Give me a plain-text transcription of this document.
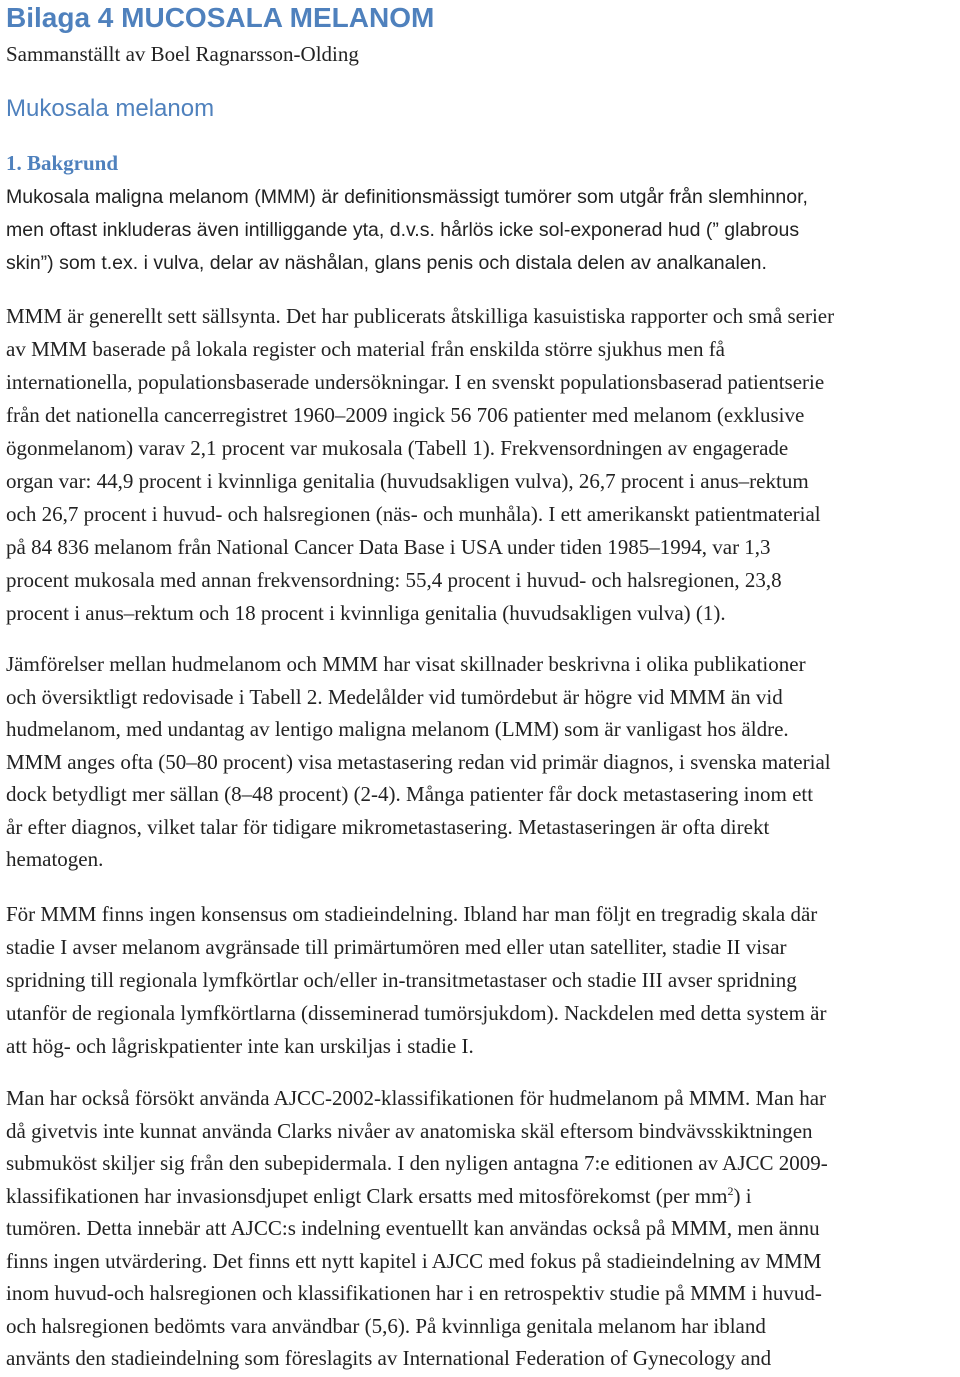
Bilaga 4 MUCOSALA MELANOM

Sammanställt av Boel Ragnarsson-Olding

Mukosala melanom
1. Bakgrund
Mukosala maligna melanom (MMM) är definitionsmässigt tumörer som utgår från slemhinnor,
men oftast inkluderas även intilliggande yta, d.v.s. hårlös icke sol-exponerad hud (” glabrous
skin”) som t.ex. i vulva, delar av näshålan, glans penis och distala delen av analkanalen.
MMM är generellt sett sällsynta. Det har publicerats åtskilliga kasuistiska rapporter och små serier
av MMM baserade på lokala register och material från enskilda större sjukhus men få
internationella, populationsbaserade undersökningar. I en svenskt populationsbaserad patientserie
från det nationella cancerregistret 1960–2009 ingick 56 706 patienter med melanom (exklusive
ögonmelanom) varav 2,1 procent var mukosala (Tabell 1). Frekvensordningen av engagerade
organ var: 44,9 procent i kvinnliga genitalia (huvudsakligen vulva), 26,7 procent i anus–rektum
och 26,7 procent i huvud- och halsregionen (näs- och munhåla). I ett amerikanskt patientmaterial
på 84 836 melanom från National Cancer Data Base i USA under tiden 1985–1994, var 1,3
procent mukosala med annan frekvensordning: 55,4 procent i huvud- och halsregionen, 23,8
procent i anus–rektum och 18 procent i kvinnliga genitalia (huvudsakligen vulva) (1).
Jämförelser mellan hudmelanom och MMM har visat skillnader beskrivna i olika publikationer
och översiktligt redovisade i Tabell 2. Medelålder vid tumördebut är högre vid MMM än vid
hudmelanom, med undantag av lentigo maligna melanom (LMM) som är vanligast hos äldre.
MMM anges ofta (50–80 procent) visa metastasering redan vid primär diagnos, i svenska material
dock betydligt mer sällan (8–48 procent) (2-4). Många patienter får dock metastasering inom ett
år efter diagnos, vilket talar för tidigare mikrometastasering. Metastaseringen är ofta direkt
hematogen.
För MMM finns ingen konsensus om stadieindelning. Ibland har man följt en tregradig skala där
stadie I avser melanom avgränsade till primärtumören med eller utan satelliter, stadie II visar
spridning till regionala lymfkörtlar och/eller in-transitmetastaser och stadie III avser spridning
utanför de regionala lymfkörtlarna (disseminerad tumörsjukdom). Nackdelen med detta system är
att hög- och lågriskpatienter inte kan urskiljas i stadie I.
Man har också försökt använda AJCC-2002-klassifikationen för hudmelanom på MMM. Man har
då givetvis inte kunnat använda Clarks nivåer av anatomiska skäl eftersom bindvävsskiktningen
submuköst skiljer sig från den subepidermala. I den nyligen antagna 7:e editionen av AJCC 2009-
klassifikationen har invasionsdjupet enligt Clark ersatts med mitosförekomst (per $mm^2$) i
tumören. Detta innebär att AJCC:s indelning eventuellt kan användas också på MMM, men ännu
finns ingen utvärdering. Det finns ett nytt kapitel i AJCC med fokus på stadieindelning av MMM
inom huvud-och halsregionen och klassifikationen har i en retrospektiv studie på MMM i huvud-
och halsregionen bedömts vara användbar (5,6). På kvinnliga genitala melanom har ibland
använts den stadieindelning som föreslagits av International Federation of Gynecology and
